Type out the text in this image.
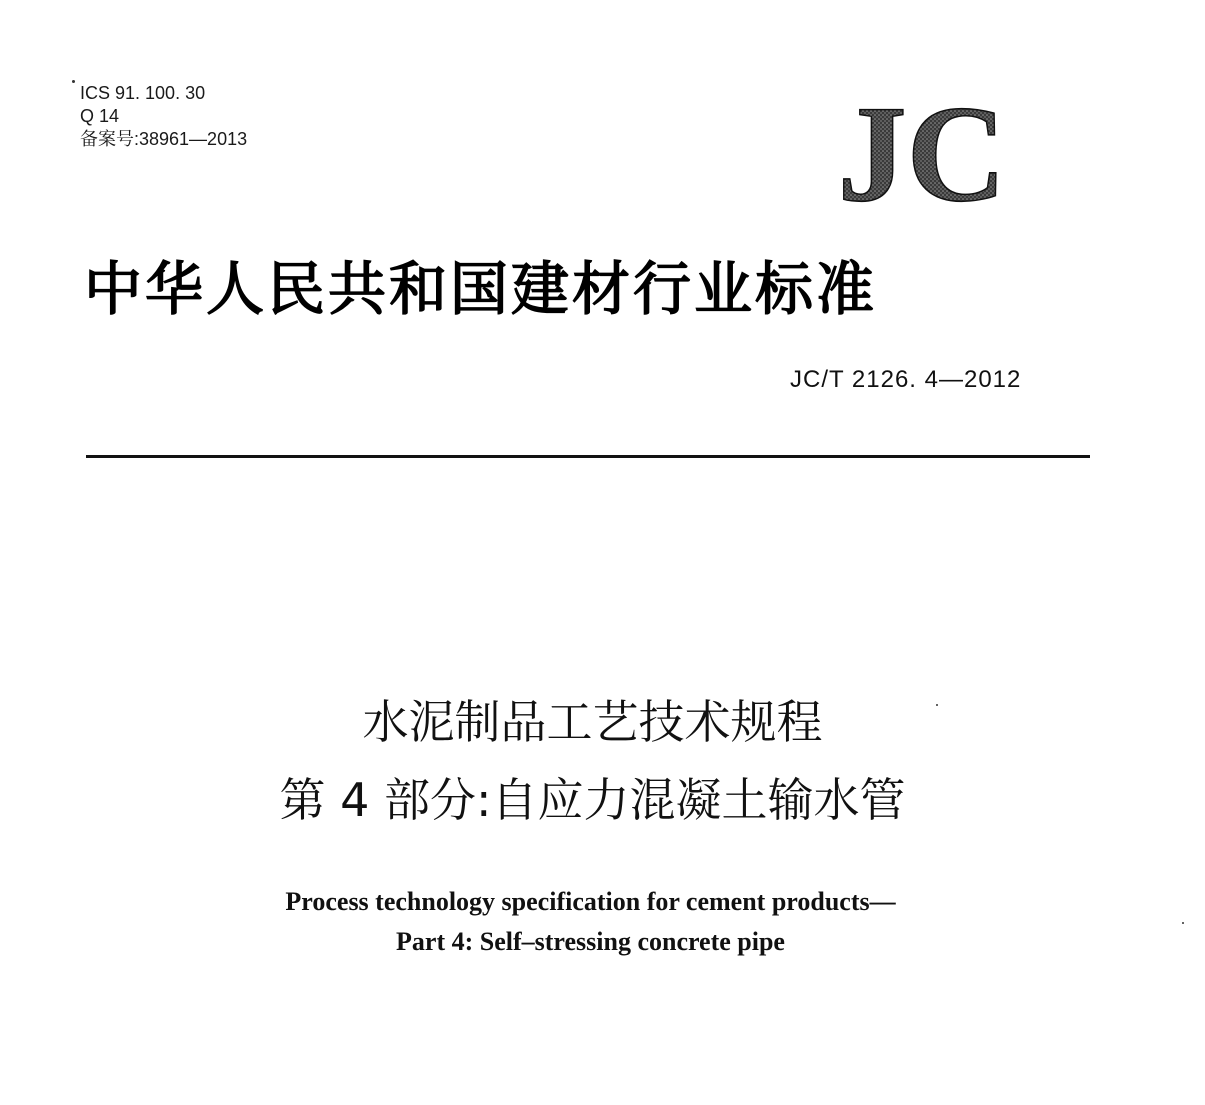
ICS 91. 100. 30
Q 14
备案号:38961—2013	JC
中华人民共和国建材行业标准
JC/T 2126. 4—2012
水泥制品工艺技术规程
第 4 部分:自应力混凝土输水管
Process technology specification for cement products—
Part 4: Self–stressing concrete pipe
